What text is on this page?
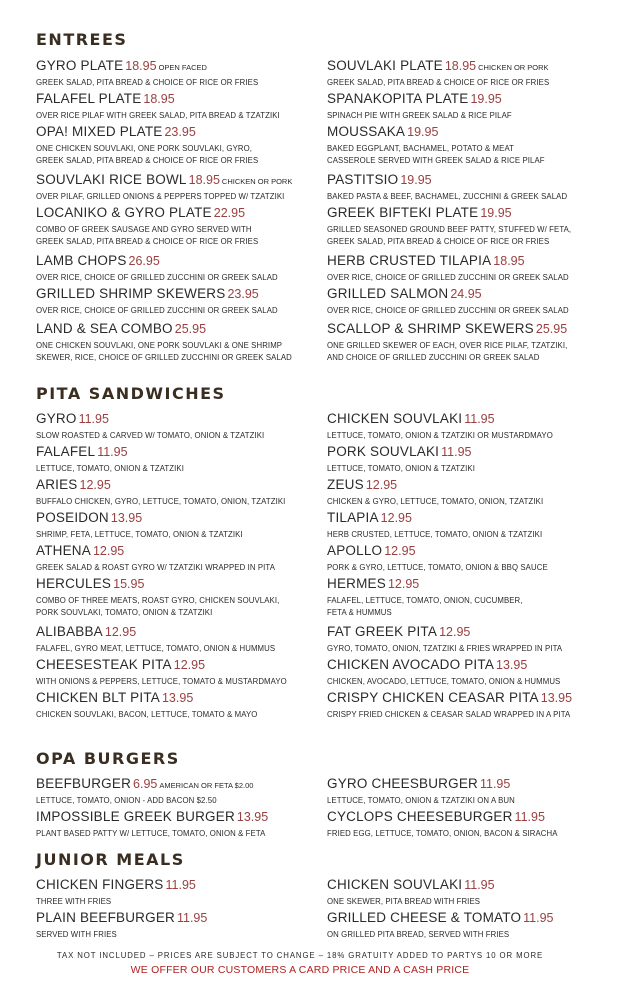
ENTREES
GYRO PLATE 18.95 OPEN FACED
GREEK SALAD, PITA BREAD & CHOICE OF RICE OR FRIES
FALAFEL PLATE 18.95
OVER RICE PILAF WITH GREEK SALAD, PITA BREAD & TZATZIKI
OPA! MIXED PLATE 23.95
ONE CHICKEN SOUVLAKI, ONE PORK SOUVLAKI, GYRO,
GREEK SALAD, PITA BREAD & CHOICE OF RICE OR FRIES
SOUVLAKI RICE BOWL 18.95 CHICKEN OR PORK
OVER PILAF, GRILLED ONIONS & PEPPERS TOPPED W/ TZATZIKI
LOCANIKO & GYRO PLATE 22.95
COMBO OF GREEK SAUSAGE AND GYRO SERVED WITH
GREEK SALAD, PITA BREAD & CHOICE OF RICE OR FRIES
LAMB CHOPS 26.95
OVER RICE, CHOICE OF GRILLED ZUCCHINI OR GREEK SALAD
GRILLED SHRIMP SKEWERS 23.95
OVER RICE, CHOICE OF GRILLED ZUCCHINI OR GREEK SALAD
LAND & SEA COMBO 25.95
ONE CHICKEN SOUVLAKI, ONE PORK SOUVLAKI & ONE SHRIMP
SKEWER, RICE, CHOICE OF GRILLED ZUCCHINI OR GREEK SALAD
SOUVLAKI PLATE 18.95 CHICKEN OR PORK
GREEK SALAD, PITA BREAD & CHOICE OF RICE OR FRIES
SPANAKOPITA PLATE 19.95
SPINACH PIE WITH GREEK SALAD & RICE PILAF
MOUSSAKA 19.95
BAKED EGGPLANT, BACHAMEL, POTATO & MEAT
CASSEROLE SERVED WITH GREEK SALAD & RICE PILAF
PASTITSIO 19.95
BAKED PASTA & BEEF, BACHAMEL, ZUCCHINI & GREEK SALAD
GREEK BIFTEKI PLATE 19.95
GRILLED SEASONED GROUND BEEF PATTY, STUFFED W/ FETA,
GREEK SALAD, PITA BREAD & CHOICE OF RICE OR FRIES
HERB CRUSTED TILAPIA 18.95
OVER RICE, CHOICE OF GRILLED ZUCCHINI OR GREEK SALAD
GRILLED SALMON 24.95
OVER RICE, CHOICE OF GRILLED ZUCCHINI OR GREEK SALAD
SCALLOP & SHRIMP SKEWERS 25.95
ONE GRILLED SKEWER OF EACH, OVER RICE PILAF, TZATZIKI,
AND CHOICE OF GRILLED ZUCCHINI OR GREEK SALAD
PITA SANDWICHES
GYRO 11.95
SLOW ROASTED & CARVED W/ TOMATO, ONION & TZATZIKI
FALAFEL 11.95
LETTUCE, TOMATO, ONION & TZATZIKI
ARIES 12.95
BUFFALO CHICKEN, GYRO, LETTUCE, TOMATO, ONION, TZATZIKI
POSEIDON 13.95
SHRIMP, FETA, LETTUCE, TOMATO, ONION & TZATZIKI
ATHENA 12.95
GREEK SALAD & ROAST GYRO W/ TZATZIKI WRAPPED IN PITA
HERCULES 15.95
COMBO OF THREE MEATS, ROAST GYRO, CHICKEN SOUVLAKI,
PORK SOUVLAKI, TOMATO, ONION & TZATZIKI
ALIBABBA 12.95
FALAFEL, GYRO MEAT, LETTUCE, TOMATO, ONION & HUMMUS
CHEESESTEAK PITA 12.95
WITH ONIONS & PEPPERS, LETTUCE, TOMATO & MUSTARDMAYO
CHICKEN BLT PITA 13.95
CHICKEN SOUVLAKI, BACON, LETTUCE, TOMATO & MAYO
CHICKEN SOUVLAKI 11.95
LETTUCE, TOMATO, ONION & TZATZIKI OR MUSTARDMAYO
PORK SOUVLAKI 11.95
LETTUCE, TOMATO, ONION & TZATZIKI
ZEUS 12.95
CHICKEN & GYRO, LETTUCE, TOMATO, ONION, TZATZIKI
TILAPIA 12.95
HERB CRUSTED, LETTUCE, TOMATO, ONION & TZATZIKI
APOLLO 12.95
PORK & GYRO, LETTUCE, TOMATO, ONION & BBQ SAUCE
HERMES 12.95
FALAFEL, LETTUCE, TOMATO, ONION, CUCUMBER,
FETA & HUMMUS
FAT GREEK PITA 12.95
GYRO, TOMATO, ONION, TZATZIKI & FRIES WRAPPED IN PITA
CHICKEN AVOCADO PITA 13.95
CHICKEN, AVOCADO, LETTUCE, TOMATO, ONION & HUMMUS
CRISPY CHICKEN CEASAR PITA 13.95
CRISPY FRIED CHICKEN & CEASAR SALAD WRAPPED IN A PITA
OPA BURGERS
BEEFBURGER 6.95 AMERICAN OR FETA $2.00
LETTUCE, TOMATO, ONION - ADD BACON $2.50
IMPOSSIBLE GREEK BURGER 13.95
PLANT BASED PATTY W/ LETTUCE, TOMATO, ONION & FETA
GYRO CHEESBURGER 11.95
LETTUCE, TOMATO, ONION & TZATZIKI ON A BUN
CYCLOPS CHEESEBURGER 11.95
FRIED EGG, LETTUCE, TOMATO, ONION, BACON & SIRACHA
JUNIOR MEALS
CHICKEN FINGERS 11.95
THREE WITH FRIES
PLAIN BEEFBURGER 11.95
SERVED WITH FRIES
CHICKEN SOUVLAKI 11.95
ONE SKEWER, PITA BREAD WITH FRIES
GRILLED CHEESE & TOMATO 11.95
ON GRILLED PITA BREAD, SERVED WITH FRIES
TAX NOT INCLUDED – PRICES ARE SUBJECT TO CHANGE – 18% GRATUITY ADDED TO PARTYS 10 OR MORE
WE OFFER OUR CUSTOMERS A CARD PRICE AND A CASH PRICE
